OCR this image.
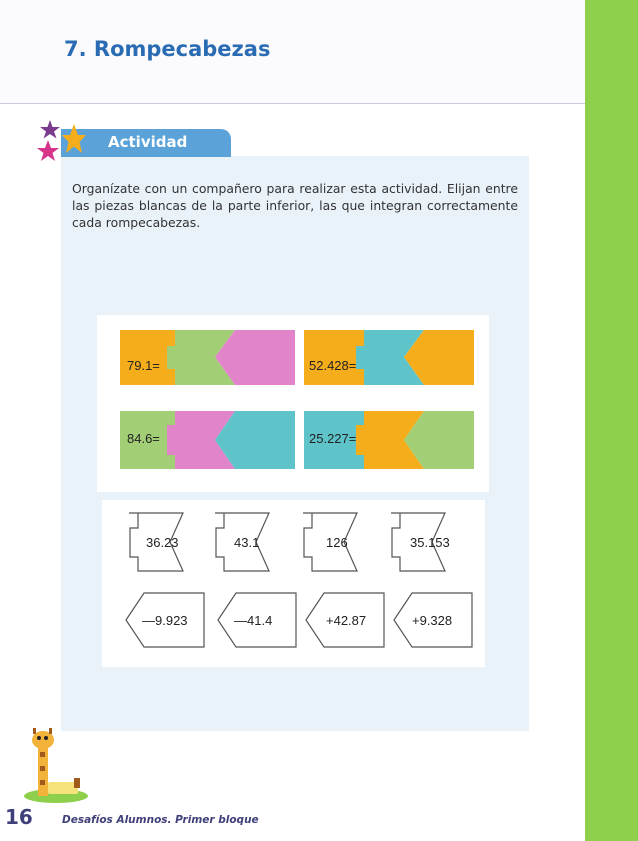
7. Rompecabezas
Actividad

Organízate con un compañero para realizar esta actividad. Elijan entre las piezas blancas de la parte inferior, las que integran correctamente cada rompecabezas.

79.1=	52.428=
84.6=	25.227=
36.23	43.1	126	35.153
—9.923	—41.4	+42.87	+9.328
16	Desafíos Alumnos. Primer bloque
